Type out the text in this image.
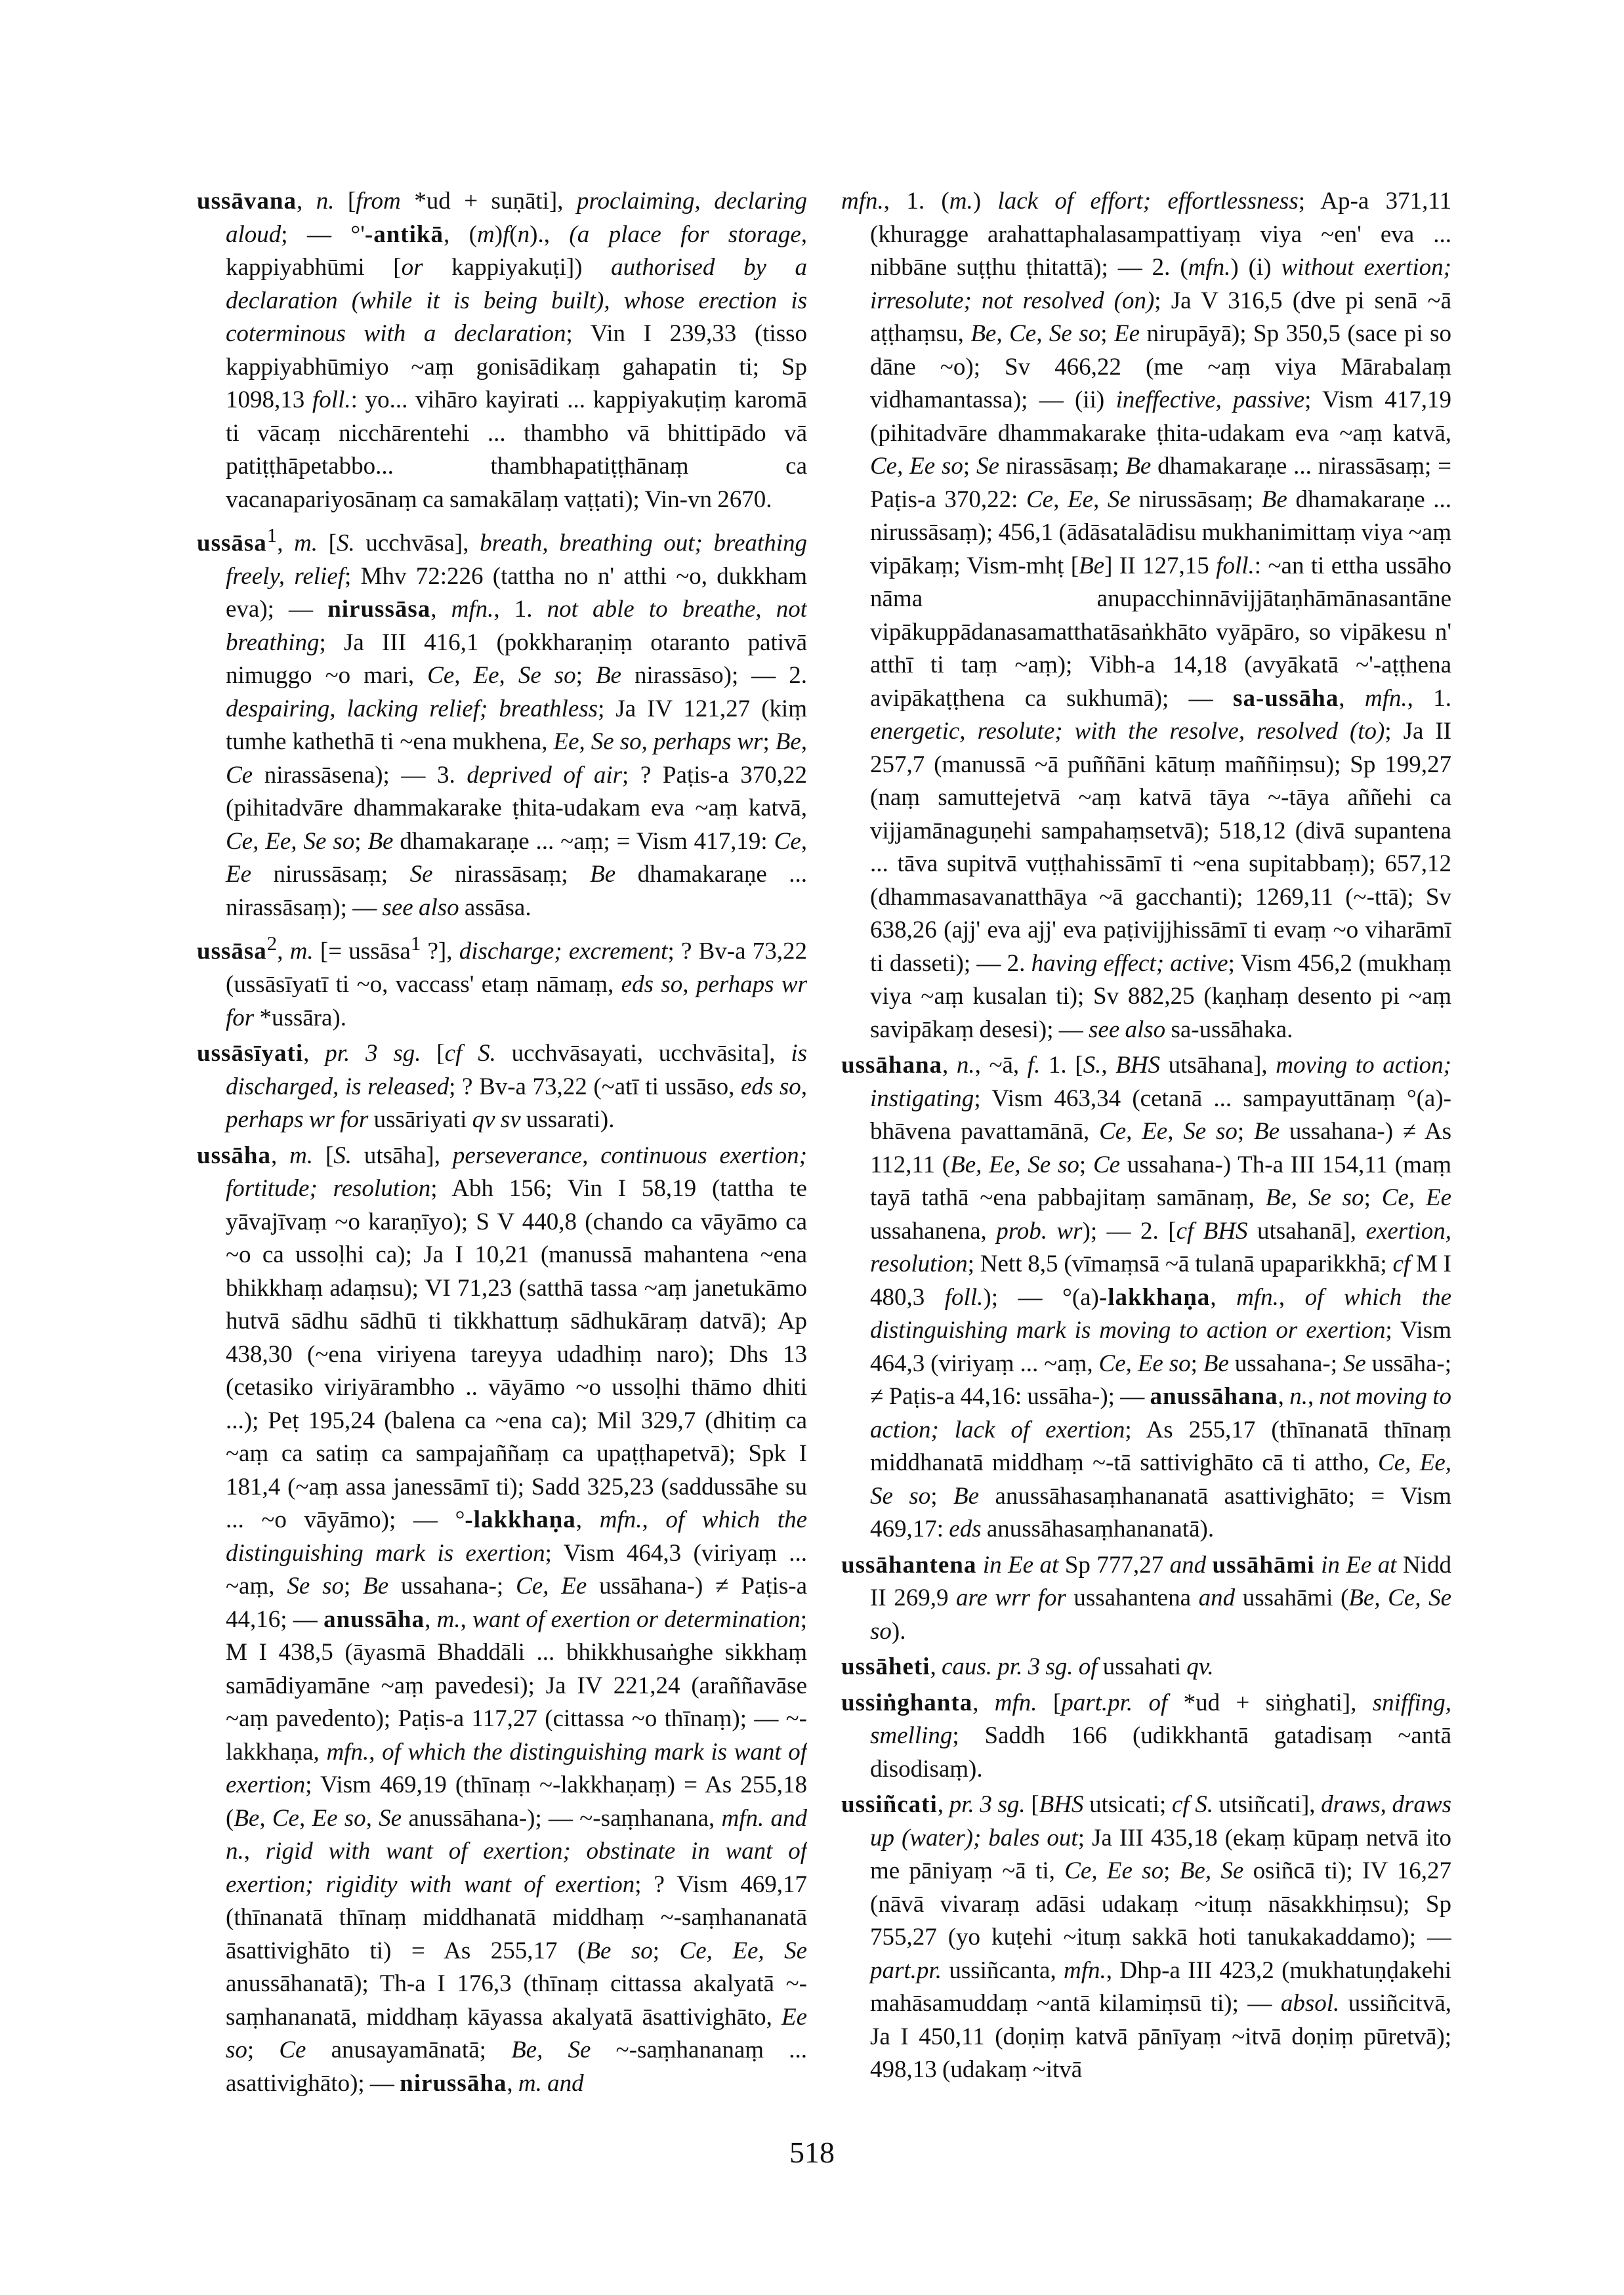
ussāvana, n. [from *ud + suṇāti], proclaiming, declaring aloud; — °'-antikā, (m)f(n)., (a place for storage, kappiyabhūmi [or kappiyakuṭi]) authorised by a declaration (while it is being built), whose erection is coterminous with a declaration; Vin I 239,33 (tisso kappiyabhūmiyo ~aṃ gonisādikaṃ gahapatin ti; Sp 1098,13 foll.: yo... vihāro kayirati ... kappiyakuṭiṃ karomā ti vācaṃ nicchārentehi ... thambho vā bhittipādo vā patiṭṭhāpetabbo... thambhapatiṭṭhānaṃ ca vacanapariyosānaṃ ca samakālaṃ vaṭṭati); Vin-vn 2670.

ussāsa$^1$, m. [S. ucchvāsa], breath, breathing out; breathing freely, relief; Mhv 72:226 (tattha no n' atthi ~o, dukkham eva); — nirussāsa, mfn., 1. not able to breathe, not breathing; Ja III 416,1 (pokkharaṇiṃ otaranto pativā nimuggo ~o mari, Ce, Ee, Se so; Be nirassāso); — 2. despairing, lacking relief; breathless; Ja IV 121,27 (kiṃ tumhe kathethā ti ~ena mukhena, Ee, Se so, perhaps wr; Be, Ce nirassāsena); — 3. deprived of air; ? Paṭis-a 370,22 (pihitadvāre dhammakarake ṭhita-udakam eva ~aṃ katvā, Ce, Ee, Se so; Be dhamakaraṇe ... ~aṃ; = Vism 417,19: Ce, Ee nirussāsaṃ; Se nirassāsaṃ; Be dhamakaraṇe ... nirassāsaṃ); — see also assāsa.

ussāsa$^2$, m. [= ussāsa$^1$ ?], discharge; excrement; ? Bv-a 73,22 (ussāsīyatī ti ~o, vaccass' etaṃ nāmaṃ, eds so, perhaps wr for *ussāra).

ussāsīyati, pr. 3 sg. [cf S. ucchvāsayati, ucchvāsita], is discharged, is released; ? Bv-a 73,22 (~atī ti ussāso, eds so, perhaps wr for ussāriyati qv sv ussarati).

ussāha, m. [S. utsāha], perseverance, continuous exertion; fortitude; resolution; Abh 156; Vin I 58,19 (tattha te yāvajīvaṃ ~o karaṇīyo); S V 440,8 (chando ca vāyāmo ca ~o ca ussoḷhi ca); Ja I 10,21 (manussā mahantena ~ena bhikkhaṃ adaṃsu); VI 71,23 (satthā tassa ~aṃ janetukāmo hutvā sādhu sādhū ti tikkhattuṃ sādhukāraṃ datvā); Ap 438,30 (~ena viriyena tareyya udadhiṃ naro); Dhs 13 (cetasiko viriyārambho .. vāyāmo ~o ussoḷhi thāmo dhiti ...); Peṭ 195,24 (balena ca ~ena ca); Mil 329,7 (dhitiṃ ca ~aṃ ca satiṃ ca sampajaññaṃ ca upaṭṭhapetvā); Spk I 181,4 (~aṃ assa janessāmī ti); Sadd 325,23 (saddussāhe su ... ~o vāyāmo); — °-lakkhaṇa, mfn., of which the distinguishing mark is exertion; Vism 464,3 (viriyaṃ ... ~aṃ, Se so; Be ussahana-; Ce, Ee ussāhana-) ≠ Paṭis-a 44,16; — anussāha, m., want of exertion or determination; M I 438,5 (āyasmā Bhaddāli ... bhikkhusaṅghe sikkhaṃ samādiyamāne ~aṃ pavedesi); Ja IV 221,24 (araññavāse ~aṃ pavedento); Paṭis-a 117,27 (cittassa ~o thīnaṃ); — ~-lakkhaṇa, mfn., of which the distinguishing mark is want of exertion; Vism 469,19 (thīnaṃ ~-lakkhaṇaṃ) = As 255,18 (Be, Ce, Ee so, Se anussāhana-); — ~-saṃhanana, mfn. and n., rigid with want of exertion; obstinate in want of exertion; rigidity with want of exertion; ? Vism 469,17 (thīnanatā thīnaṃ middhanatā middhaṃ ~-saṃhananatā āsattivighāto ti) = As 255,17 (Be so; Ce, Ee, Se anussāhanatā); Th-a I 176,3 (thīnaṃ cittassa akalyatā ~-saṃhananatā, middhaṃ kāyassa akalyatā āsattivighāto, Ee so; Ce anusayamānatā; Be, Se ~-saṃhananaṃ ... asattivighāto); — nirussāha, m. and

mfn., 1. (m.) lack of effort; effortlessness; Ap-a 371,11 (khuragge arahattaphalasampattiyaṃ viya ~en' eva ... nibbāne suṭṭhu ṭhitattā); — 2. (mfn.) (i) without exertion; irresolute; not resolved (on); Ja V 316,5 (dve pi senā ~ā aṭṭhaṃsu, Be, Ce, Se so; Ee nirupāyā); Sp 350,5 (sace pi so dāne ~o); Sv 466,22 (me ~aṃ viya Mārabalaṃ vidhamantassa); — (ii) ineffective, passive; Vism 417,19 (pihitadvāre dhammakarake ṭhita-udakam eva ~aṃ katvā, Ce, Ee so; Se nirassāsaṃ; Be dhamakaraṇe ... nirassāsaṃ; = Paṭis-a 370,22: Ce, Ee, Se nirussāsaṃ; Be dhamakaraṇe ... nirussāsaṃ); 456,1 (ādāsatalādisu mukhanimittaṃ viya ~aṃ vipākaṃ; Vism-mhṭ [Be] II 127,15 foll.: ~an ti ettha ussāho nāma anupacchinnāvijjātaṇhāmānasantāne vipākuppādanasamatthatāsaṅkhāto vyāpāro, so vipākesu n' atthī ti taṃ ~aṃ); Vibh-a 14,18 (avyākatā ~'-aṭṭhena avipākaṭṭhena ca sukhumā); — sa-ussāha, mfn., 1. energetic, resolute; with the resolve, resolved (to); Ja II 257,7 (manussā ~ā puññāni kātuṃ maññiṃsu); Sp 199,27 (naṃ samuttejetvā ~aṃ katvā tāya ~-tāya aññehi ca vijjamānaguṇehi sampahaṃsetvā); 518,12 (divā supantena ... tāva supitvā vuṭṭhahissāmī ti ~ena supitabbaṃ); 657,12 (dhammasavanatthāya ~ā gacchanti); 1269,11 (~-ttā); Sv 638,26 (ajj' eva ajj' eva paṭivijjhissāmī ti evaṃ ~o viharāmī ti dasseti); — 2. having effect; active; Vism 456,2 (mukhaṃ viya ~aṃ kusalan ti); Sv 882,25 (kaṇhaṃ desento pi ~aṃ savipākaṃ desesi); — see also sa-ussāhaka.

ussāhana, n., ~ā, f. 1. [S., BHS utsāhana], moving to action; instigating; Vism 463,34 (cetanā ... sampayuttānaṃ °(a)-bhāvena pavattamānā, Ce, Ee, Se so; Be ussahana-) ≠ As 112,11 (Be, Ee, Se so; Ce ussahana-) Th-a III 154,11 (maṃ tayā tathā ~ena pabbajitaṃ samānaṃ, Be, Se so; Ce, Ee ussahanena, prob. wr); — 2. [cf BHS utsahanā], exertion, resolution; Nett 8,5 (vīmaṃsā ~ā tulanā upaparikkhā; cf M I 480,3 foll.); — °(a)-lakkhaṇa, mfn., of which the distinguishing mark is moving to action or exertion; Vism 464,3 (viriyaṃ ... ~aṃ, Ce, Ee so; Be ussahana-; Se ussāha-; ≠ Paṭis-a 44,16: ussāha-); — anussāhana, n., not moving to action; lack of exertion; As 255,17 (thīnanatā thīnaṃ middhanatā middhaṃ ~-tā sattivighāto cā ti attho, Ce, Ee, Se so; Be anussāhasaṃhananatā asattivighāto; = Vism 469,17: eds anussāhasaṃhananatā).

ussāhantena in Ee at Sp 777,27 and ussāhāmi in Ee at Nidd II 269,9 are wrr for ussahantena and ussahāmi (Be, Ce, Se so).

ussāheti, caus. pr. 3 sg. of ussahati qv.

ussiṅghanta, mfn. [part.pr. of *ud + siṅghati], sniffing, smelling; Saddh 166 (udikkhantā gatadisaṃ ~antā disodisaṃ).

ussiñcati, pr. 3 sg. [BHS utsicati; cf S. utsiñcati], draws, draws up (water); bales out; Ja III 435,18 (ekaṃ kūpaṃ netvā ito me pāniyaṃ ~ā ti, Ce, Ee so; Be, Se osiñcā ti); IV 16,27 (nāvā vivaraṃ adāsi udakaṃ ~ituṃ nāsakkhiṃsu); Sp 755,27 (yo kuṭehi ~ituṃ sakkā hoti tanukakaddamo); — part.pr. ussiñcanta, mfn., Dhp-a III 423,2 (mukhatuṇḍakehi mahāsamuddaṃ ~antā kilamiṃsū ti); — absol. ussiñcitvā, Ja I 450,11 (doṇiṃ katvā pānīyaṃ ~itvā doṇiṃ pūretvā); 498,13 (udakaṃ ~itvā

518
